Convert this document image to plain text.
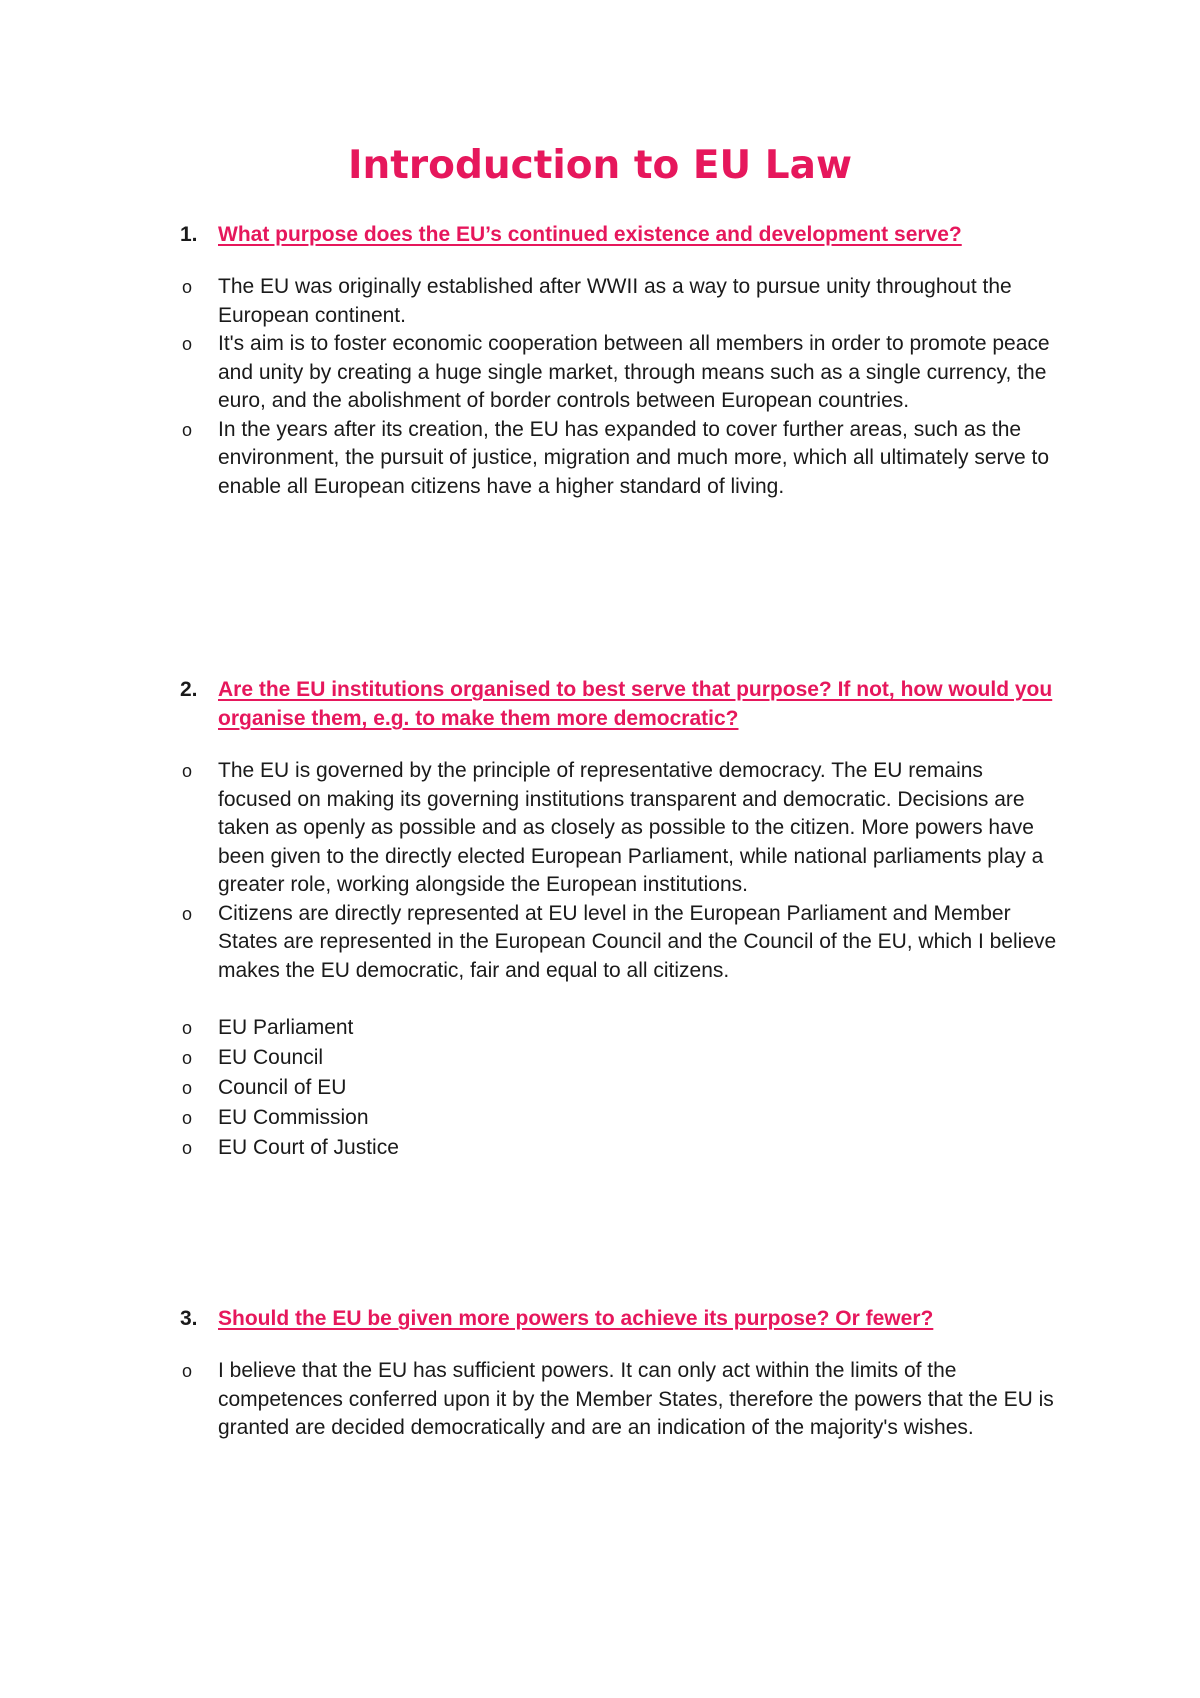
Introduction to EU Law
1. What purpose does the EU’s continued existence and development serve?
o The EU was originally established after WWII as a way to pursue unity throughout the European continent.
o It's aim is to foster economic cooperation between all members in order to promote peace and unity by creating a huge single market, through means such as a single currency, the euro, and the abolishment of border controls between European countries.
o In the years after its creation, the EU has expanded to cover further areas, such as the environment, the pursuit of justice, migration and much more, which all ultimately serve to enable all European citizens have a higher standard of living.
2. Are the EU institutions organised to best serve that purpose? If not, how would you organise them, e.g. to make them more democratic?
o The EU is governed by the principle of representative democracy. The EU remains focused on making its governing institutions transparent and democratic. Decisions are taken as openly as possible and as closely as possible to the citizen. More powers have been given to the directly elected European Parliament, while national parliaments play a greater role, working alongside the European institutions.
o Citizens are directly represented at EU level in the European Parliament and Member States are represented in the European Council and the Council of the EU, which I believe makes the EU democratic, fair and equal to all citizens.
o EU Parliament
o EU Council
o Council of EU
o EU Commission
o EU Court of Justice
3. Should the EU be given more powers to achieve its purpose? Or fewer?
o I believe that the EU has sufficient powers. It can only act within the limits of the competences conferred upon it by the Member States, therefore the powers that the EU is granted are decided democratically and are an indication of the majority's wishes.
